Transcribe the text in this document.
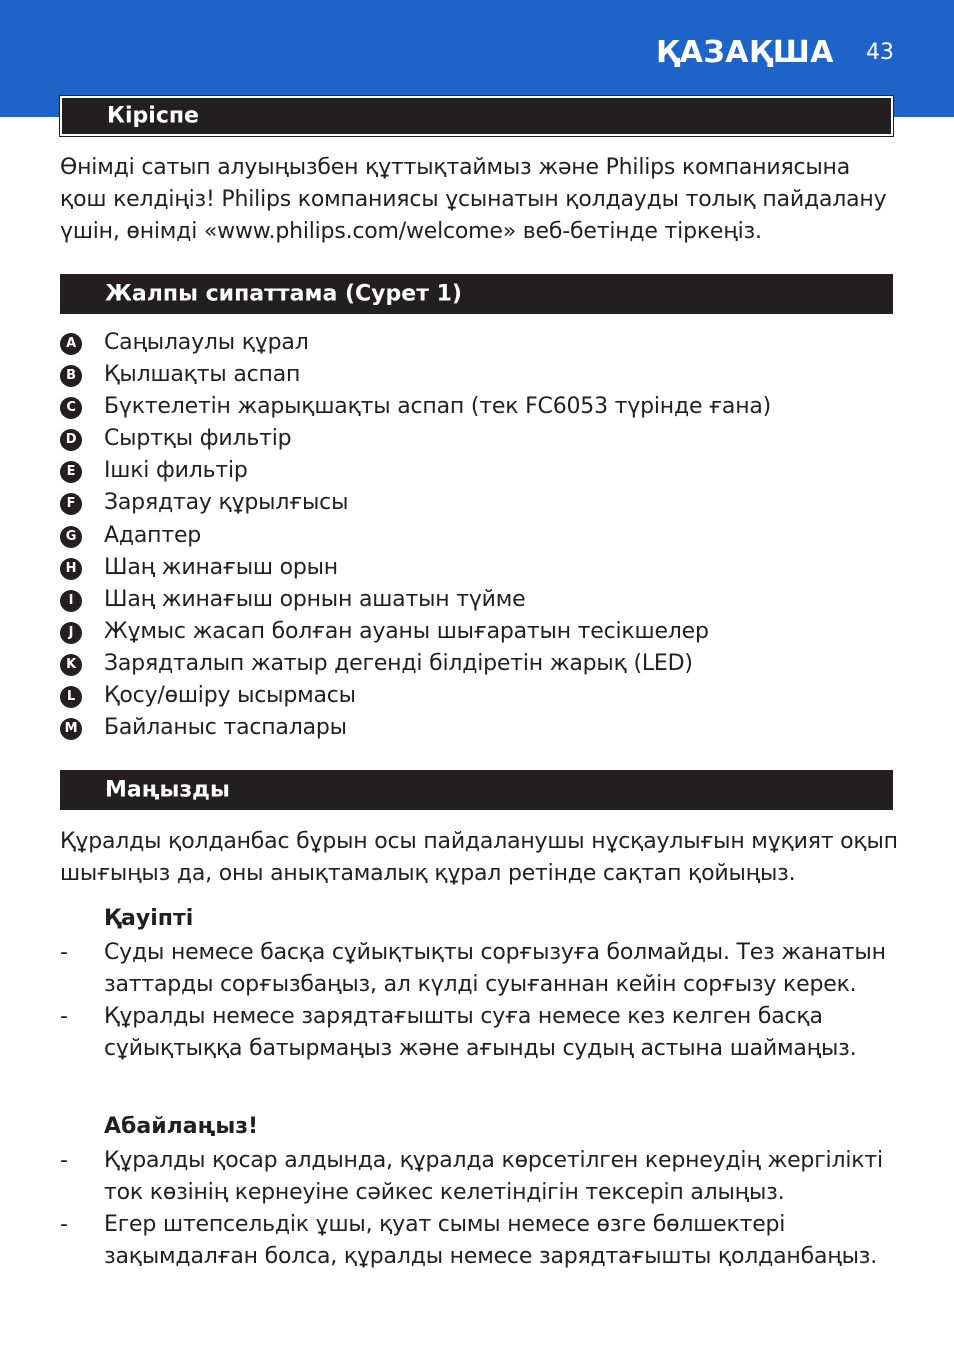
ҚАЗАҚША 43
Кіріспе

Өнімді сатып алуыңызбен құттықтаймыз және Philips компаниясына қош келдіңіз! Philips компаниясы ұсынатын қолдауды толық пайдалану үшін, өнімді «www.philips.com/welcome» веб-бетінде тіркеңіз.

Жалпы сипаттама (Сурет 1)
A Саңылаулы құрал
B Қылшақты аспап
C Бүктелетін жарықшақты аспап (тек FC6053 түрінде ғана)
D Сыртқы фильтір
E	Ішкі фильтір
F	Зарядтау құрылғысы
G Адаптер
H Шаң жинағыш орын
I	Шаң жинағыш орнын ашатын түйме
J	Жұмыс жасап болған ауаны шығаратын тесікшелер
K Зарядталып жатыр дегенді білдіретін жарық (LED)
L	Қосу/өшіру ысырмасы
M Байланыс таспалары
Маңызды

Құралды қолданбас бұрын осы пайдаланушы нұсқаулығын мұқият оқып шығыңыз да, оны анықтамалық құрал ретінде сақтап қойыңыз.

Қауіпті
- Суды немесе басқа сұйықтықты сорғызуға болмайды. Тез жанатын заттарды сорғызбаңыз, ал күлді суығаннан кейін сорғызу керек.
- Құралды немесе зарядтағышты суға немесе кез келген басқа сұйықтыққа батырмаңыз және ағынды судың астына шаймаңыз.
Абайлаңыз!
- Құралды қосар алдында, құралда көрсетілген кернеудің жергілікті ток көзінің кернеуіне сәйкес келетіндігін тексеріп алыңыз.
- Егер штепсельдік ұшы, қуат сымы немесе өзге бөлшектері зақымдалған болса, құралды немесе зарядтағышты қолданбаңыз.
